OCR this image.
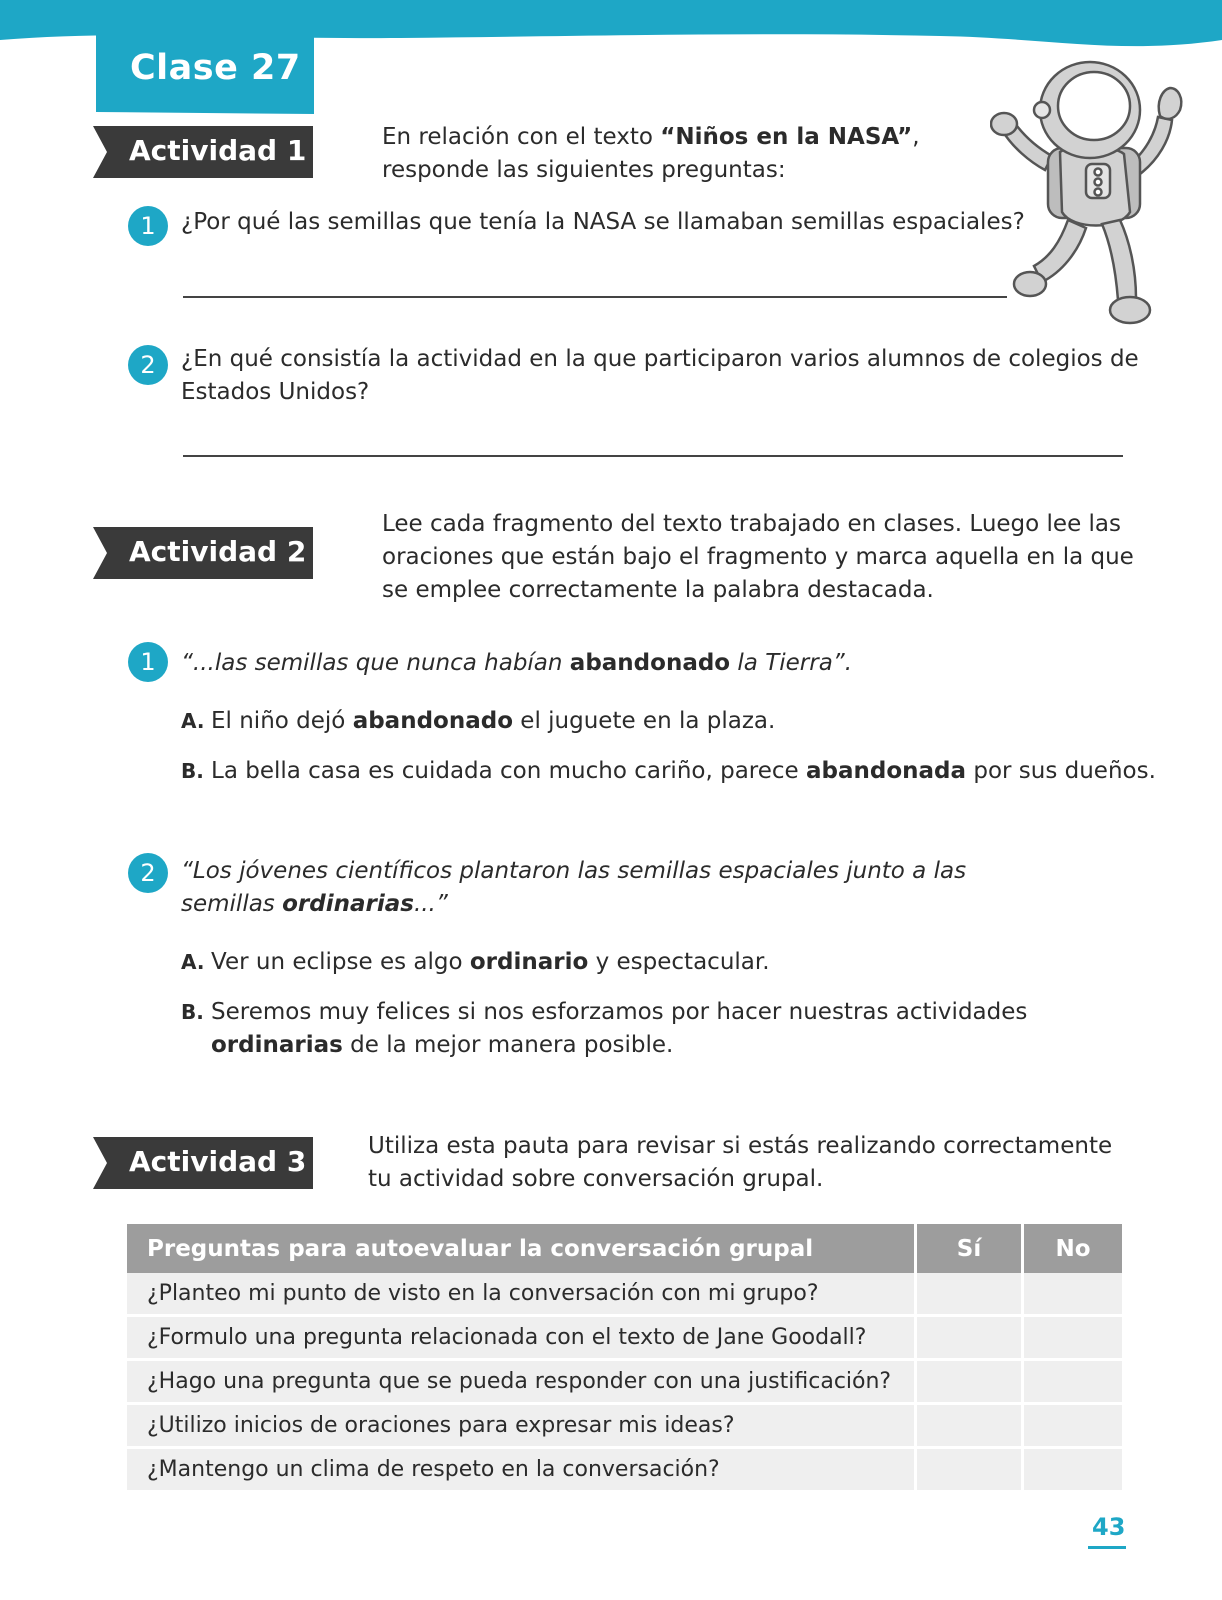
Clase 27
Actividad 1	En relación con el texto “Niños en la NASA”,
responde las siguientes preguntas:
1	¿Por qué las semillas que tenía la NASA se llamaban semillas espaciales?
2	¿En qué consistía la actividad en la que participaron varios alumnos de colegios de
Estados Unidos?
Actividad 2
Lee cada fragmento del texto trabajado en clases. Luego lee las
oraciones que están bajo el fragmento y marca aquella en la que
se emplee correctamente la palabra destacada.
1	“...las semillas que nunca habían abandonado la Tierra”.
A. El niño dejó abandonado el juguete en la plaza.
B. La bella casa es cuidada con mucho cariño, parece abandonada por sus dueños.
2	“Los jóvenes científicos plantaron las semillas espaciales junto a las
semillas ordinarias...”
A. Ver un eclipse es algo ordinario y espectacular.
B. Seremos muy felices si nos esforzamos por hacer nuestras actividades
ordinarias de la mejor manera posible.
Actividad 3	Utiliza esta pauta para revisar si estás realizando correctamente
tu actividad sobre conversación grupal.
Preguntas para autoevaluar la conversación grupal	Sí	No
¿Planteo mi punto de visto en la conversación con mi grupo?		
¿Formulo una pregunta relacionada con el texto de Jane Goodall?		
¿Hago una pregunta que se pueda responder con una justificación?		
¿Utilizo inicios de oraciones para expresar mis ideas?		
¿Mantengo un clima de respeto en la conversación?		
43
